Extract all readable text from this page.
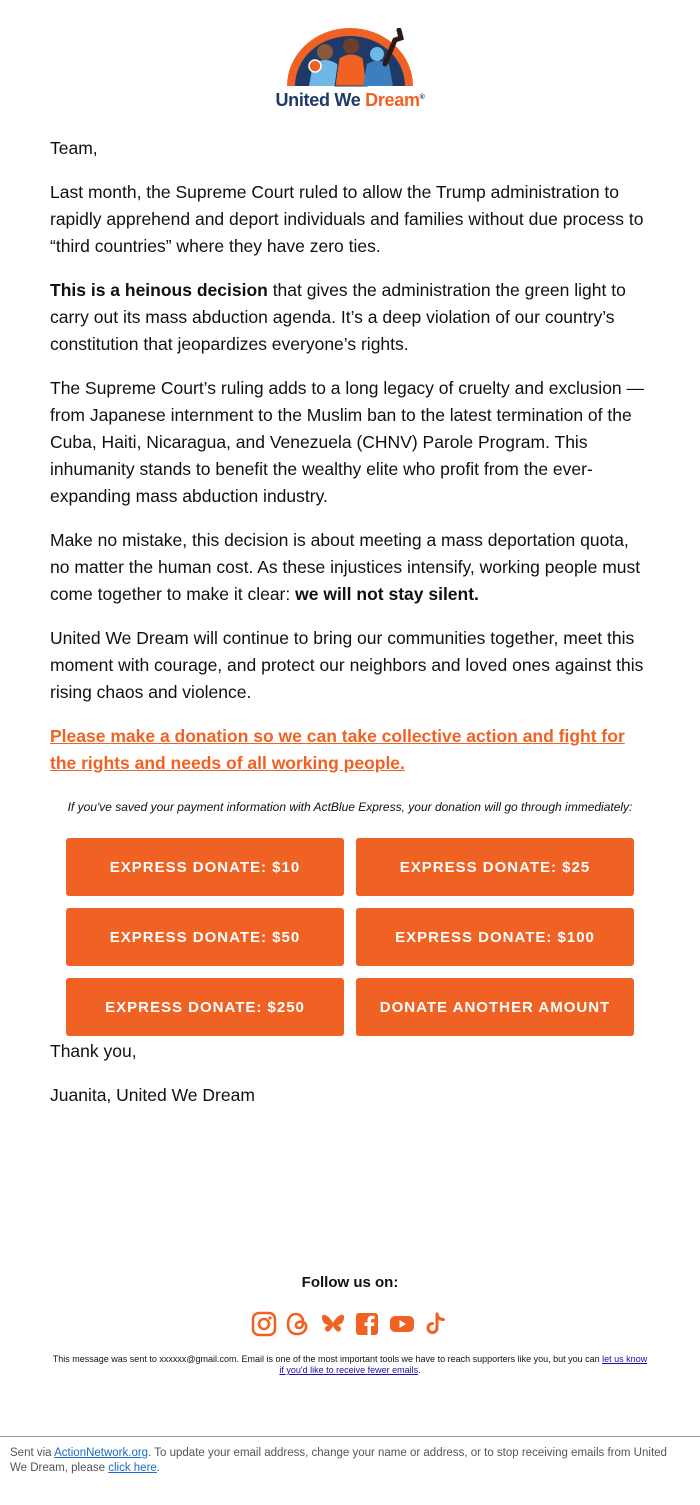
United We Dream®

Team,

Last month, the Supreme Court ruled to allow the Trump administration to rapidly apprehend and deport individuals and families without due process to “third countries” where they have zero ties.

This is a heinous decision that gives the administration the green light to carry out its mass abduction agenda. It’s a deep violation of our country’s constitution that jeopardizes everyone’s rights.

The Supreme Court’s ruling adds to a long legacy of cruelty and exclusion — from Japanese internment to the Muslim ban to the latest termination of the Cuba, Haiti, Nicaragua, and Venezuela (CHNV) Parole Program. This inhumanity stands to benefit the wealthy elite who profit from the ever-expanding mass abduction industry.

Make no mistake, this decision is about meeting a mass deportation quota, no matter the human cost. As these injustices intensify, working people must come together to make it clear: we will not stay silent.

United We Dream will continue to bring our communities together, meet this moment with courage, and protect our neighbors and loved ones against this rising chaos and violence.

Please make a donation so we can take collective action and fight for the rights and needs of all working people.
If you've saved your payment information with ActBlue Express, your donation will go through immediately:
EXPRESS DONATE: $10	EXPRESS DONATE: $25
EXPRESS DONATE: $50	EXPRESS DONATE: $100
EXPRESS DONATE: $250	DONATE ANOTHER AMOUNT

Thank you,

Juanita, United We Dream

Follow us on:
This message was sent to xxxxxx@gmail.com. Email is one of the most important tools we have to reach supporters like you, but you can let us know if you'd like to receive fewer emails.
Sent via ActionNetwork.org. To update your email address, change your name or address, or to stop receiving emails from United We Dream, please click here.
